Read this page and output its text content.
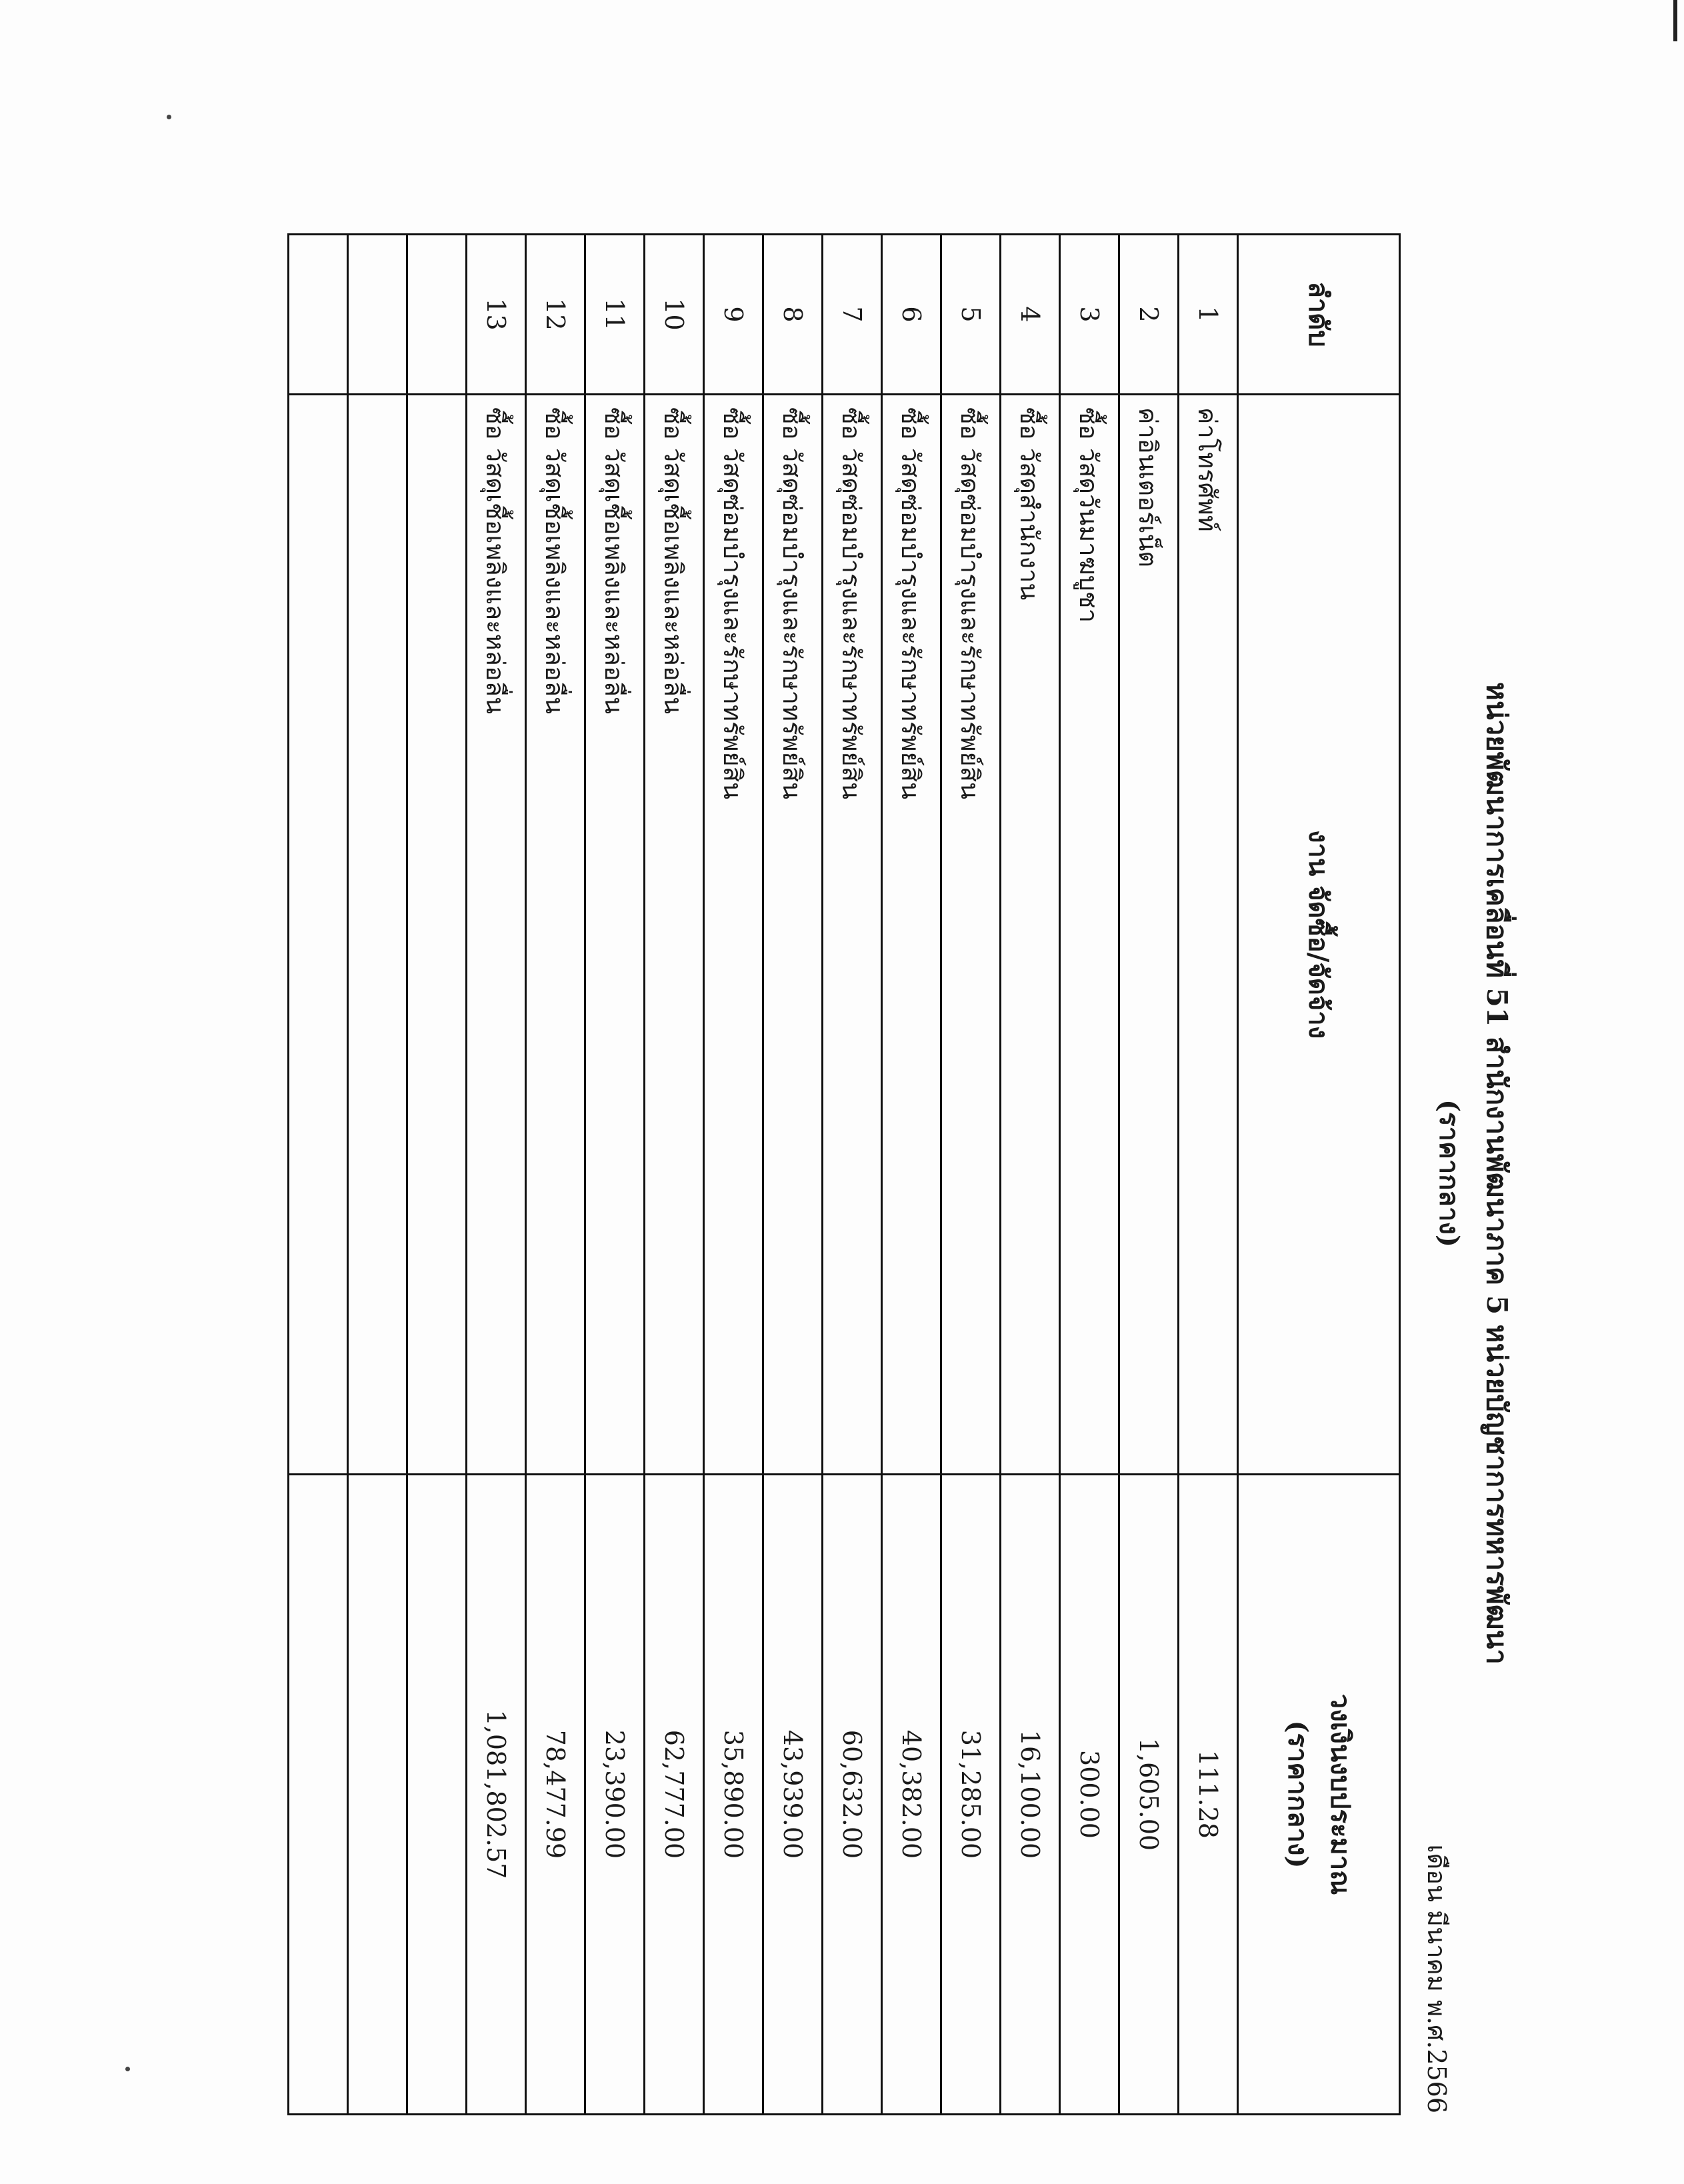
หน่วยพัฒนาการเคลื่อนที่ 51 สำนักงานพัฒนาภาค 5 หน่วยบัญชาการทหารพัฒนา
(ราคากลาง)
เดือน มีนาคม พ.ศ.2566
ลำดับ	งาน จัดซื้อ/จัดจ้าง	วงเงินงบประมาณ
(ราคากลาง)

1	ค่าโทรศัพท์	111.28
2	ค่าอินเตอร์เน็ต	1,605.00
3	ซื้อ วัสดุวันมาฆบูชา	300.00
4	ซื้อ วัสดุสำนักงาน	16,100.00
5	ซื้อ วัสดุซ่อมบำรุงและรักษาทรัพย์สิน	31,285.00
6	ซื้อ วัสดุซ่อมบำรุงและรักษาทรัพย์สิน	40,382.00
7	ซื้อ วัสดุซ่อมบำรุงและรักษาทรัพย์สิน	60,632.00
8	ซื้อ วัสดุซ่อมบำรุงและรักษาทรัพย์สิน	43,939.00
9	ซื้อ วัสดุซ่อมบำรุงและรักษาทรัพย์สิน	35,890.00
10	ซื้อ วัสดุเชื้อเพลิงและหล่อลื่น	62,777.00
11	ซื้อ วัสดุเชื้อเพลิงและหล่อลื่น	23,390.00
12	ซื้อ วัสดุเชื้อเพลิงและหล่อลื่น	78,477.99
13	ซื้อ วัสดุเชื้อเพลิงและหล่อลื่น	1,081,802.57
